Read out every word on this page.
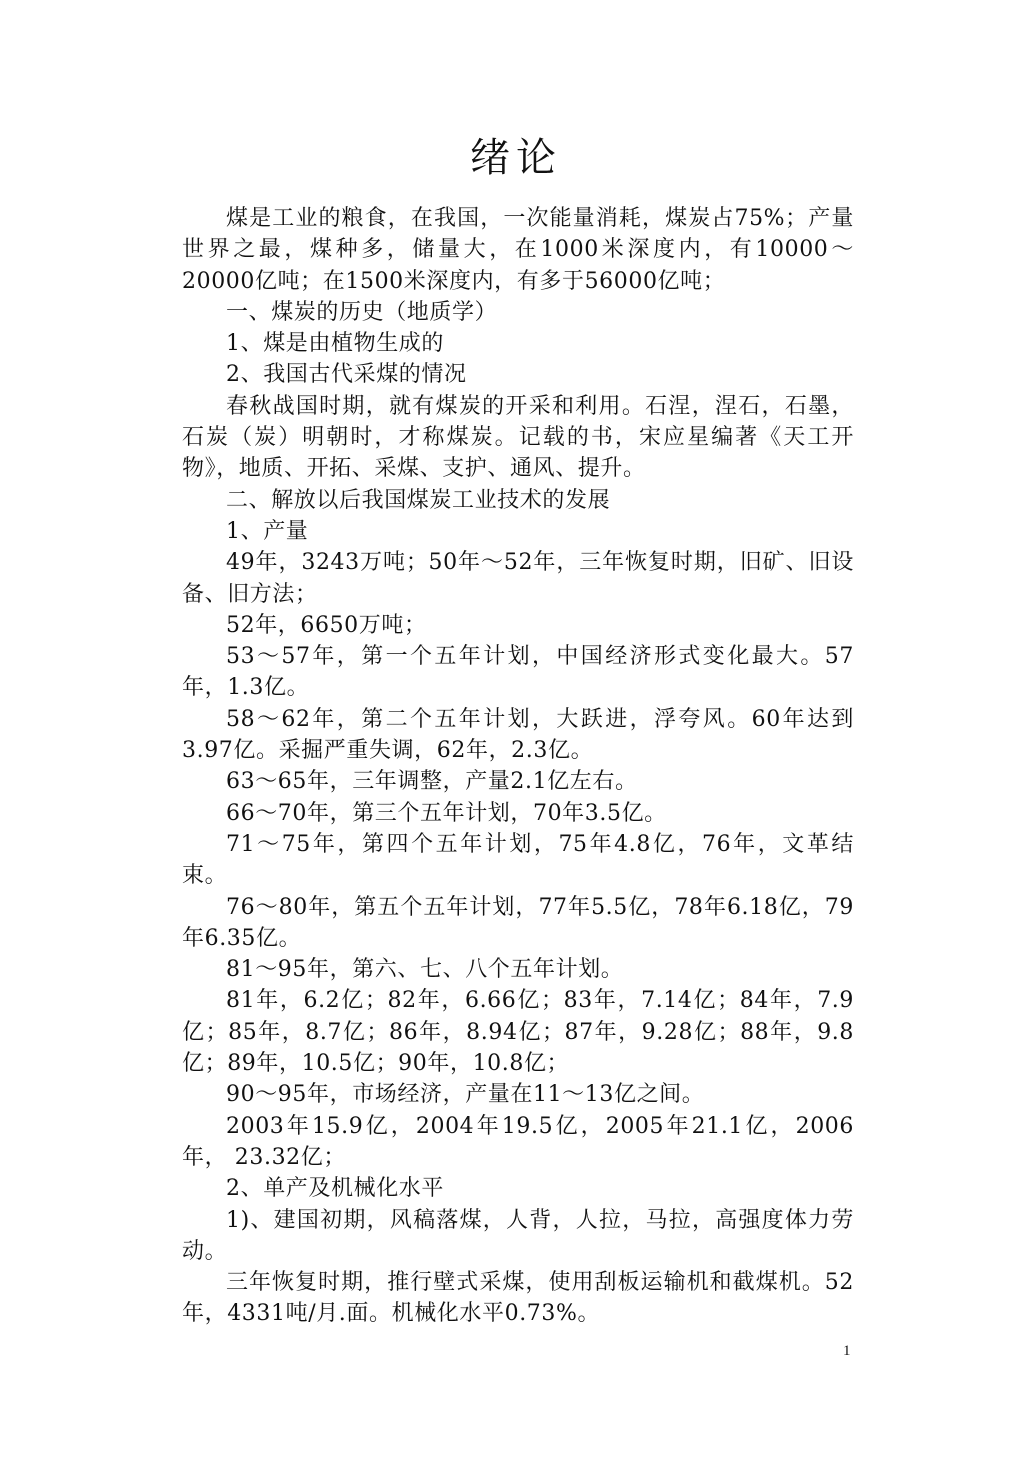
绪论

煤是工业的粮食，在我国，一次能量消耗，煤炭占75%；产量世界之最，煤种多，储量大，在1000米深度内，有10000～20000亿吨；在1500米深度内，有多于56000亿吨；

一、煤炭的历史（地质学）

1、煤是由植物生成的

2、我国古代采煤的情况

春秋战国时期，就有煤炭的开采和利用。石涅，涅石，石墨，石炭（炭）明朝时，才称煤炭。记载的书，宋应星编著《天工开物》，地质、开拓、采煤、支护、通风、提升。

二、解放以后我国煤炭工业技术的发展

1、产量

49年，3243万吨；50年～52年，三年恢复时期，旧矿、旧设备、旧方法；

52年，6650万吨；

53～57年，第一个五年计划，中国经济形式变化最大。57年，1.3亿。

58～62年，第二个五年计划，大跃进，浮夸风。60年达到3.97亿。采掘严重失调，62年，2.3亿。

63～65年，三年调整，产量2.1亿左右。

66～70年，第三个五年计划，70年3.5亿。

71～75年，第四个五年计划，75年4.8亿，76年，文革结束。

76～80年，第五个五年计划，77年5.5亿，78年6.18亿，79年6.35亿。

81～95年，第六、七、八个五年计划。

81年，6.2亿；82年，6.66亿；83年，7.14亿；84年，7.9亿；85年，8.7亿；86年，8.94亿；87年，9.28亿；88年，9.8亿；89年，10.5亿；90年，10.8亿；

90～95年，市场经济，产量在11～13亿之间。

2003年15.9亿，2004年19.5亿，2005年21.1亿，2006年， 23.32亿；

2、单产及机械化水平

1)、建国初期，风稿落煤，人背，人拉，马拉，高强度体力劳动。

三年恢复时期，推行壁式采煤，使用刮板运输机和截煤机。52年，4331吨/月.面。机械化水平0.73%。

1
